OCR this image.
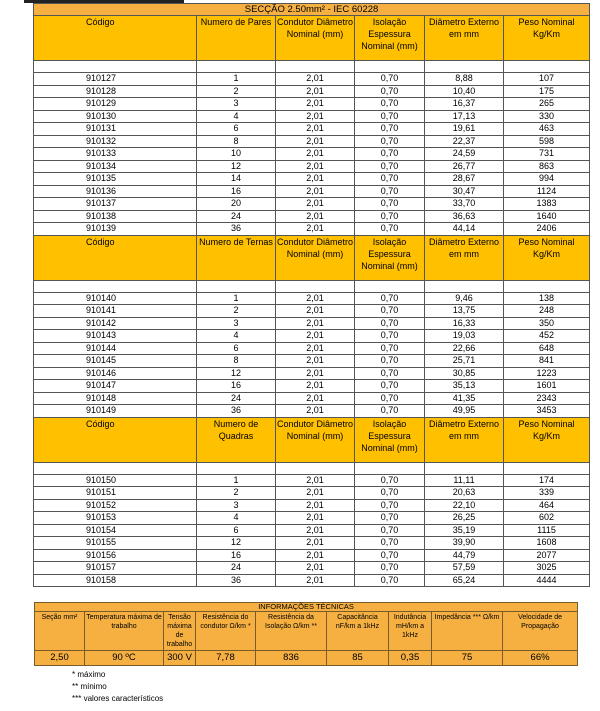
SECÇÃO 2.50mm² - IEC 60228					
Código	Numero de Pares	Condutor Diâmetro Nominal (mm)	Isolação Espessura Nominal (mm)	Diâmetro Externo em mm	Peso Nominal Kg/Km

910127	1	2,01	0,70	8,88	107
910128	2	2,01	0,70	10,40	175
910129	3	2,01	0,70	16,37	265
910130	4	2,01	0,70	17,13	330
910131	6	2,01	0,70	19,61	463
910132	8	2,01	0,70	22,37	598
910133	10	2,01	0,70	24,59	731
910134	12	2,01	0,70	26,77	863
910135	14	2,01	0,70	28,67	994
910136	16	2,01	0,70	30,47	1124
910137	20	2,01	0,70	33,70	1383
910138	24	2,01	0,70	36,63	1640
910139	36	2,01	0,70	44,14	2406
Código	Numero de Ternas	Condutor Diâmetro Nominal (mm)	Isolação Espessura Nominal (mm)	Diâmetro Externo em mm	Peso Nominal Kg/Km

910140	1	2,01	0,70	9,46	138
910141	2	2,01	0,70	13,75	248
910142	3	2,01	0,70	16,33	350
910143	4	2,01	0,70	19,03	452
910144	6	2,01	0,70	22,66	648
910145	8	2,01	0,70	25,71	841
910146	12	2,01	0,70	30,85	1223
910147	16	2,01	0,70	35,13	1601
910148	24	2,01	0,70	41,35	2343
910149	36	2,01	0,70	49,95	3453
Código	Numero de Quadras	Condutor Diâmetro Nominal (mm)	Isolação Espessura Nominal (mm)	Diâmetro Externo em mm	Peso Nominal Kg/Km

910150	1	2,01	0,70	11,11	174
910151	2	2,01	0,70	20,63	339
910152	3	2,01	0,70	22,10	464
910153	4	2,01	0,70	26,25	602
910154	6	2,01	0,70	35,19	1115
910155	12	2,01	0,70	39,90	1608
910156	16	2,01	0,70	44,79	2077
910157	24	2,01	0,70	57,59	3025
910158	36	2,01	0,70	65,24	4444
INFORMAÇÕES TÉCNICAS								
Seção mm²	Temperatura máxima de trabalho	Tensão máxima de trabalho	Resistência do condutor Ω/km *	Resistência da Isolação Ω/km **	Capacitância nF/km a 1kHz	Indutância mH/km a 1kHz	Impedância *** Ω/km	Velocidade de Propagação
2,50	90 ºC	300 V	7,78	836	85	0,35	75	66%
* máximo
** mínimo
*** valores característicos
